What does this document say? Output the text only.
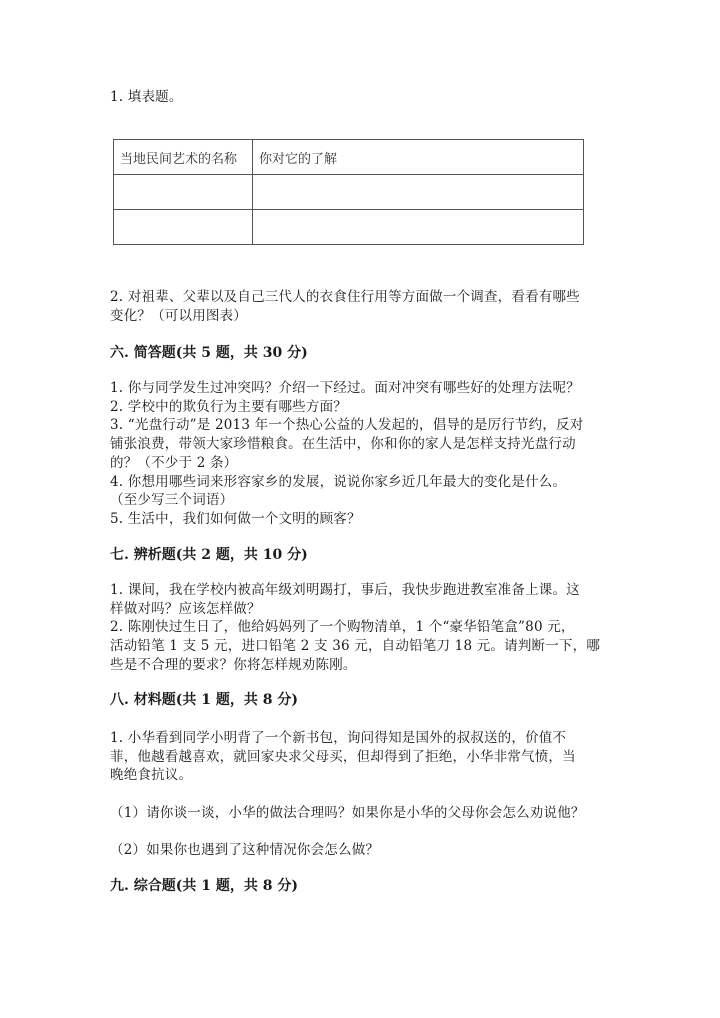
1. 填表题。
当地民间艺术的名称	你对它的了解

2. 对祖辈、父辈以及自己三代人的衣食住行用等方面做一个调查，看看有哪些
变化？（可以用图表）
六. 简答题(共 5 题，共 30 分)
1. 你与同学发生过冲突吗？介绍一下经过。面对冲突有哪些好的处理方法呢？
2. 学校中的欺负行为主要有哪些方面？
3. “光盘行动”是 2013 年一个热心公益的人发起的，倡导的是厉行节约，反对
铺张浪费，带领大家珍惜粮食。在生活中，你和你的家人是怎样支持光盘行动
的？（不少于 2 条）
4. 你想用哪些词来形容家乡的发展，说说你家乡近几年最大的变化是什么。
（至少写三个词语）
5. 生活中，我们如何做一个文明的顾客？
七. 辨析题(共 2 题，共 10 分)
1. 课间，我在学校内被高年级刘明踢打，事后，我快步跑进教室准备上课。这
样做对吗？应该怎样做？
2. 陈刚快过生日了，他给妈妈列了一个购物清单，1 个“豪华铅笔盒”80 元，
活动铅笔 1 支 5 元，进口铅笔 2 支 36 元，自动铅笔刀 18 元。请判断一下，哪
些是不合理的要求？你将怎样规劝陈刚。
八. 材料题(共 1 题，共 8 分)
1. 小华看到同学小明背了一个新书包，询问得知是国外的叔叔送的，价值不
菲，他越看越喜欢，就回家央求父母买，但却得到了拒绝，小华非常气愤，当
晚绝食抗议。
（1）请你谈一谈，小华的做法合理吗？如果你是小华的父母你会怎么劝说他？
（2）如果你也遇到了这种情况你会怎么做？
九. 综合题(共 1 题，共 8 分)
